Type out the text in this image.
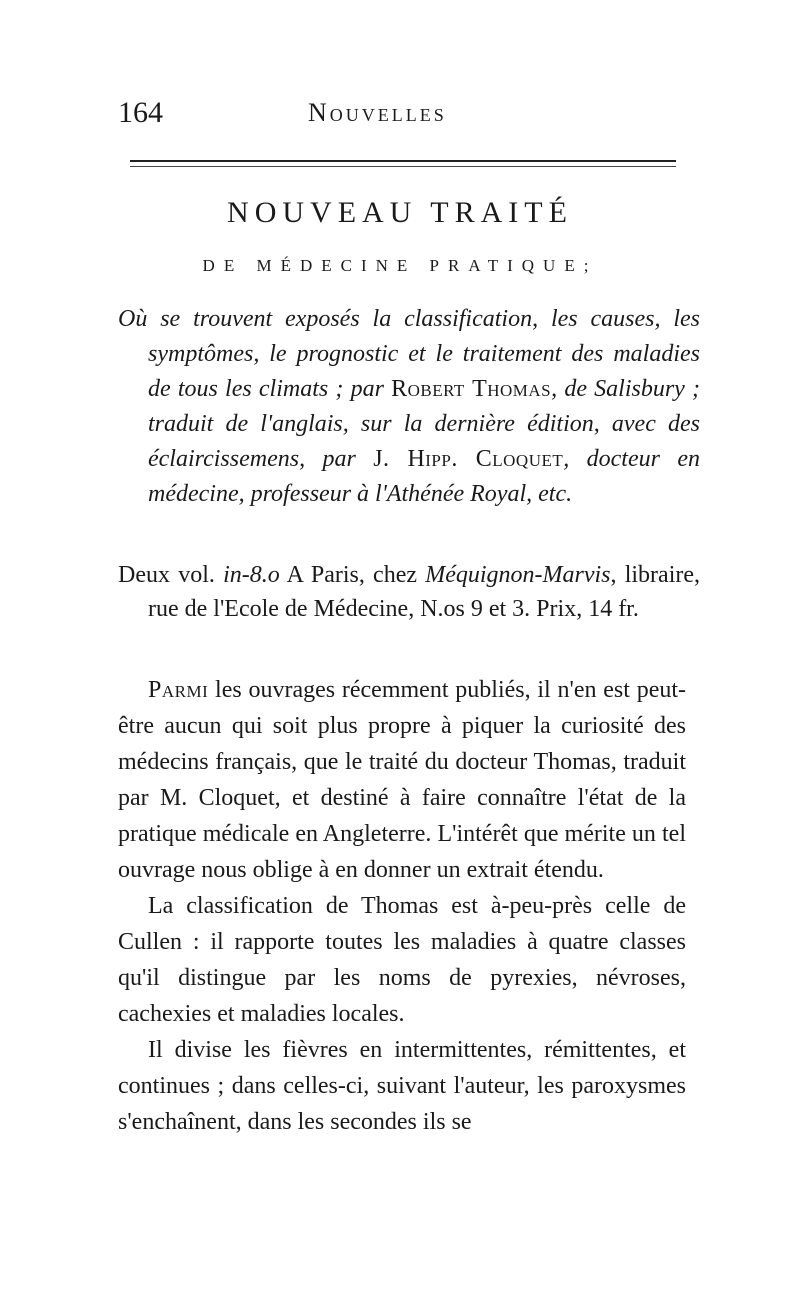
164	Nouvelles
NOUVEAU TRAITÉ
DE MÉDECINE PRATIQUE;

Où se trouvent exposés la classification, les causes, les symptômes, le prognostic et le traitement des maladies de tous les climats ; par Robert Thomas, de Salisbury ; traduit de l'anglais, sur la dernière édition, avec des éclaircissemens, par J. Hipp. Cloquet, docteur en médecine, professeur à l'Athénée Royal, etc.

Deux vol. in-8.o A Paris, chez Méquignon-Marvis, libraire, rue de l'Ecole de Médecine, N.os 9 et 3. Prix, 14 fr.

Parmi les ouvrages récemment publiés, il n'en est peut-être aucun qui soit plus propre à piquer la curiosité des médecins français, que le traité du docteur Thomas, traduit par M. Cloquet, et destiné à faire connaître l'état de la pratique médicale en Angleterre. L'intérêt que mérite un tel ouvrage nous oblige à en donner un extrait étendu.

La classification de Thomas est à-peu-près celle de Cullen : il rapporte toutes les maladies à quatre classes qu'il distingue par les noms de pyrexies, névroses, cachexies et maladies locales.

Il divise les fièvres en intermittentes, rémittentes, et continues ; dans celles-ci, suivant l'auteur, les paroxysmes s'enchaînent, dans les secondes ils se
